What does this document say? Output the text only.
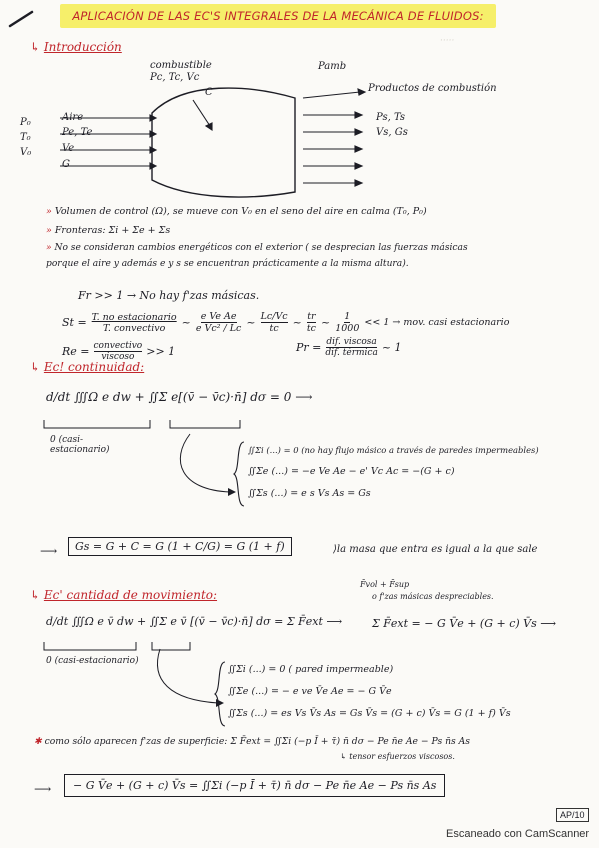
APLICACIÓN DE LAS EC'S INTEGRALES DE LA MECÁNICA DE FLUIDOS:
·····
↳ Introducción
combustible
Pc, Tc, Vc
C
Pamb
Productos de combustión
Ps, Ts
Vs, Gs
P₀
T₀
V₀
Aire
Pe, Te
Ve
G
» Volumen de control (Ω), se mueve con V₀ en el seno del aire en calma (T₀, P₀)
» Fronteras: Σi + Σe + Σs
» No se consideran cambios energéticos con el exterior ( se desprecian las fuerzas másicas
porque el aire y además e y s se encuentran prácticamente a la misma altura).
Fr >> 1 → No hay f'zas másicas.
St = T. no estacionario
T. convectivo ~ e Ve Ae
e Vc² / Lc ~ Lc/Vc
tc ~ tr
tc ~ 1
1000
<< 1 → mov. casi estacionario
Re = convectivo
viscoso >> 1	Pr = dif. viscosa
dif. térmica ~ 1
↳ Ec! continuidad:
d/dt ∭Ω e dw + ∬Σ e[(v̄ − v̄c)·n̄] dσ = 0 ⟶
0 (casi-estacionario)	∬Σi (...) = 0 (no hay flujo másico a través de paredes impermeables)
∬Σe (...) = −e Ve Ae − e' Vc Ac = −(G + c)
∬Σs (...) = e s Vs As = Gs
⟶	Gs = G + C = G (1 + C/G) = G (1 + f)	⟩la masa que entra es igual a la que sale
↳ Ec' cantidad de movimiento:
F̄vol + F̄sup
o f'zas másicas despreciables.
d/dt ∭Ω e v̄ dw + ∬Σ e v̄ [(v̄ − v̄c)·n̄] dσ = Σ F̄ext ⟶	Σ F̄ext = − G V̄e + (G + c) V̄s ⟶
0 (casi-estacionario)
∬Σi (...) = 0 ( pared impermeable)
∬Σe (...) = − e ve V̄e Ae = − G V̄e
∬Σs (...) = es Vs V̄s As = Gs V̄s = (G + c) V̄s = G (1 + f) V̄s
✱ como sólo aparecen f'zas de superficie: Σ F̄ext = ∬Σi (−p Ī + τ̄) n̄ dσ − Pe n̄e Ae − Ps n̄s As
↳ tensor esfuerzos viscosos.
⟶	− G V̄e + (G + c) V̄s = ∬Σi (−p Ī + τ̄) n̄ dσ − Pe n̄e Ae − Ps n̄s As
AP/10
Escaneado con CamScanner
